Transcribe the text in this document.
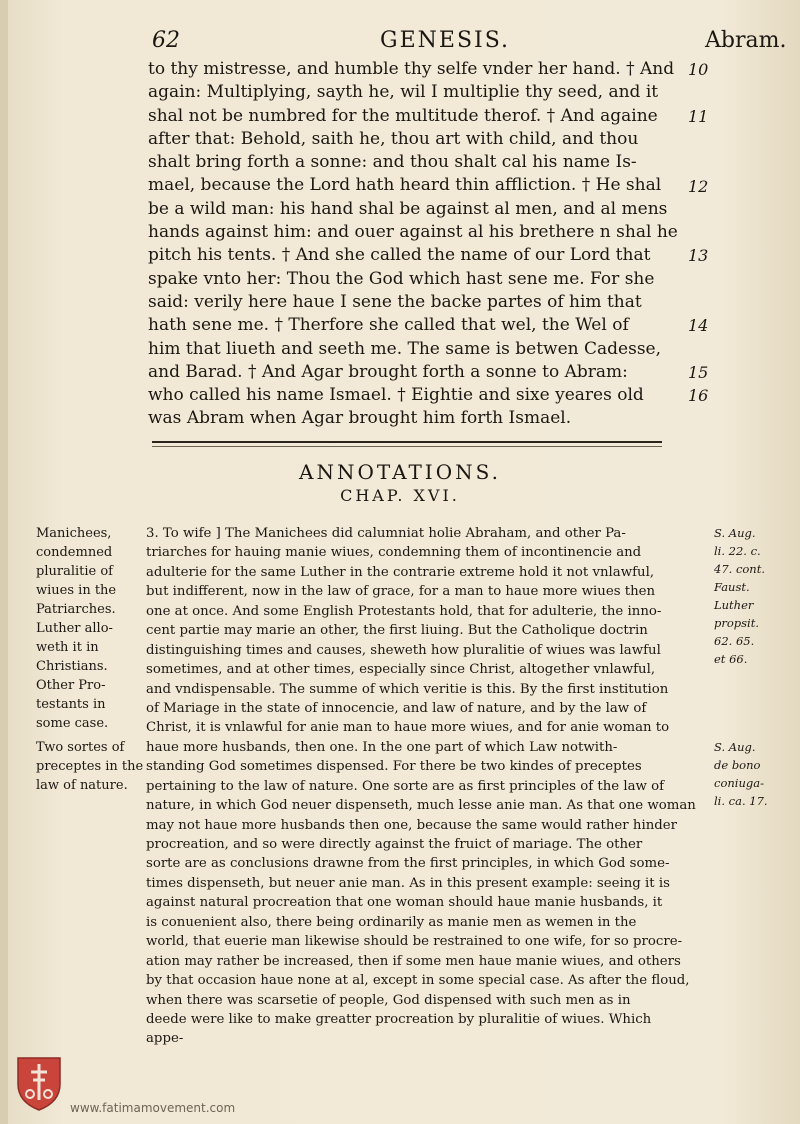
62	GENESIS.	Abram.
to thy mistresse, and humble thy selfe vnder her hand. † And
again: Multiplying, sayth he, wil I multiplie thy seed, and it
shal not be numbred for the multitude therof. † And againe
after that: Behold, saith he, thou art with child, and thou
shalt bring forth a sonne: and thou shalt cal his name Is-
mael, because the Lord hath heard thin affliction. † He shal
be a wild man: his hand shal be against al men, and al mens
hands against him: and ouer against al his brethere n shal he
pitch his tents. † And she called the name of our Lord that
spake vnto her: Thou the God which hast sene me. For she
said: verily here haue I sene the backe partes of him that
hath sene me. † Therfore she called that wel, the Wel of
him that liueth and seeth me. The same is betwen Cadesse,
and Barad. † And Agar brought forth a sonne to Abram:
who called his name Ismael. † Eightie and sixe yeares old
was Abram when Agar brought him forth Ismael.
10
11
12
13
14
15
16
ANNOTATIONS.
CHAP. XVI.
3. To wife ] The Manichees did calumniat holie Abraham, and other Pa-
triarches for hauing manie wiues, condemning them of incontinencie and
adulterie for the same Luther in the contrarie extreme hold it not vnlawful,
but indifferent, now in the law of grace, for a man to haue more wiues then
one at once. And some English Protestants hold, that for adulterie, the inno-
cent partie may marie an other, the first liuing. But the Catholique doctrin
distinguishing times and causes, sheweth how pluralitie of wiues was lawful
sometimes, and at other times, especially since Christ, altogether vnlawful,
and vndispensable. The summe of which veritie is this. By the first institution
of Mariage in the state of innocencie, and law of nature, and by the law of
Christ, it is vnlawful for anie man to haue more wiues, and for anie woman to
haue more husbands, then one. In the one part of which Law notwith-
standing God sometimes dispensed. For there be two kindes of preceptes
pertaining to the law of nature. One sorte are as first principles of the law of
nature, in which God neuer dispenseth, much lesse anie man. As that one woman
may not haue more husbands then one, because the same would rather hinder
procreation, and so were directly against the fruict of mariage. The other
sorte are as conclusions drawne from the first principles, in which God some-
times dispenseth, but neuer anie man. As in this present example: seeing it is
against natural procreation that one woman should haue manie husbands, it
is conuenient also, there being ordinarily as manie men as wemen in the
world, that euerie man likewise should be restrained to one wife, for so procre-
ation may rather be increased, then if some men haue manie wiues, and others
by that occasion haue none at al, except in some special case. As after the floud,
when there was scarsetie of people, God dispensed with such men as in
deede were like to make greatter procreation by pluralitie of wiues. Which
appe-
Manichees,
condemned
pluralitie of
wiues in the
Patriarches.
Luther allo-
weth it in
Christians.
Other Pro-
testants in
some case.
Two sortes of
preceptes in the
law of nature.
S. Aug.
li. 22. c.
47. cont.
Faust.
Luther
propsit.
62. 65.
et 66.
S. Aug.
de bono
coniuga-
li. ca. 17.
www.fatimamovement.com
